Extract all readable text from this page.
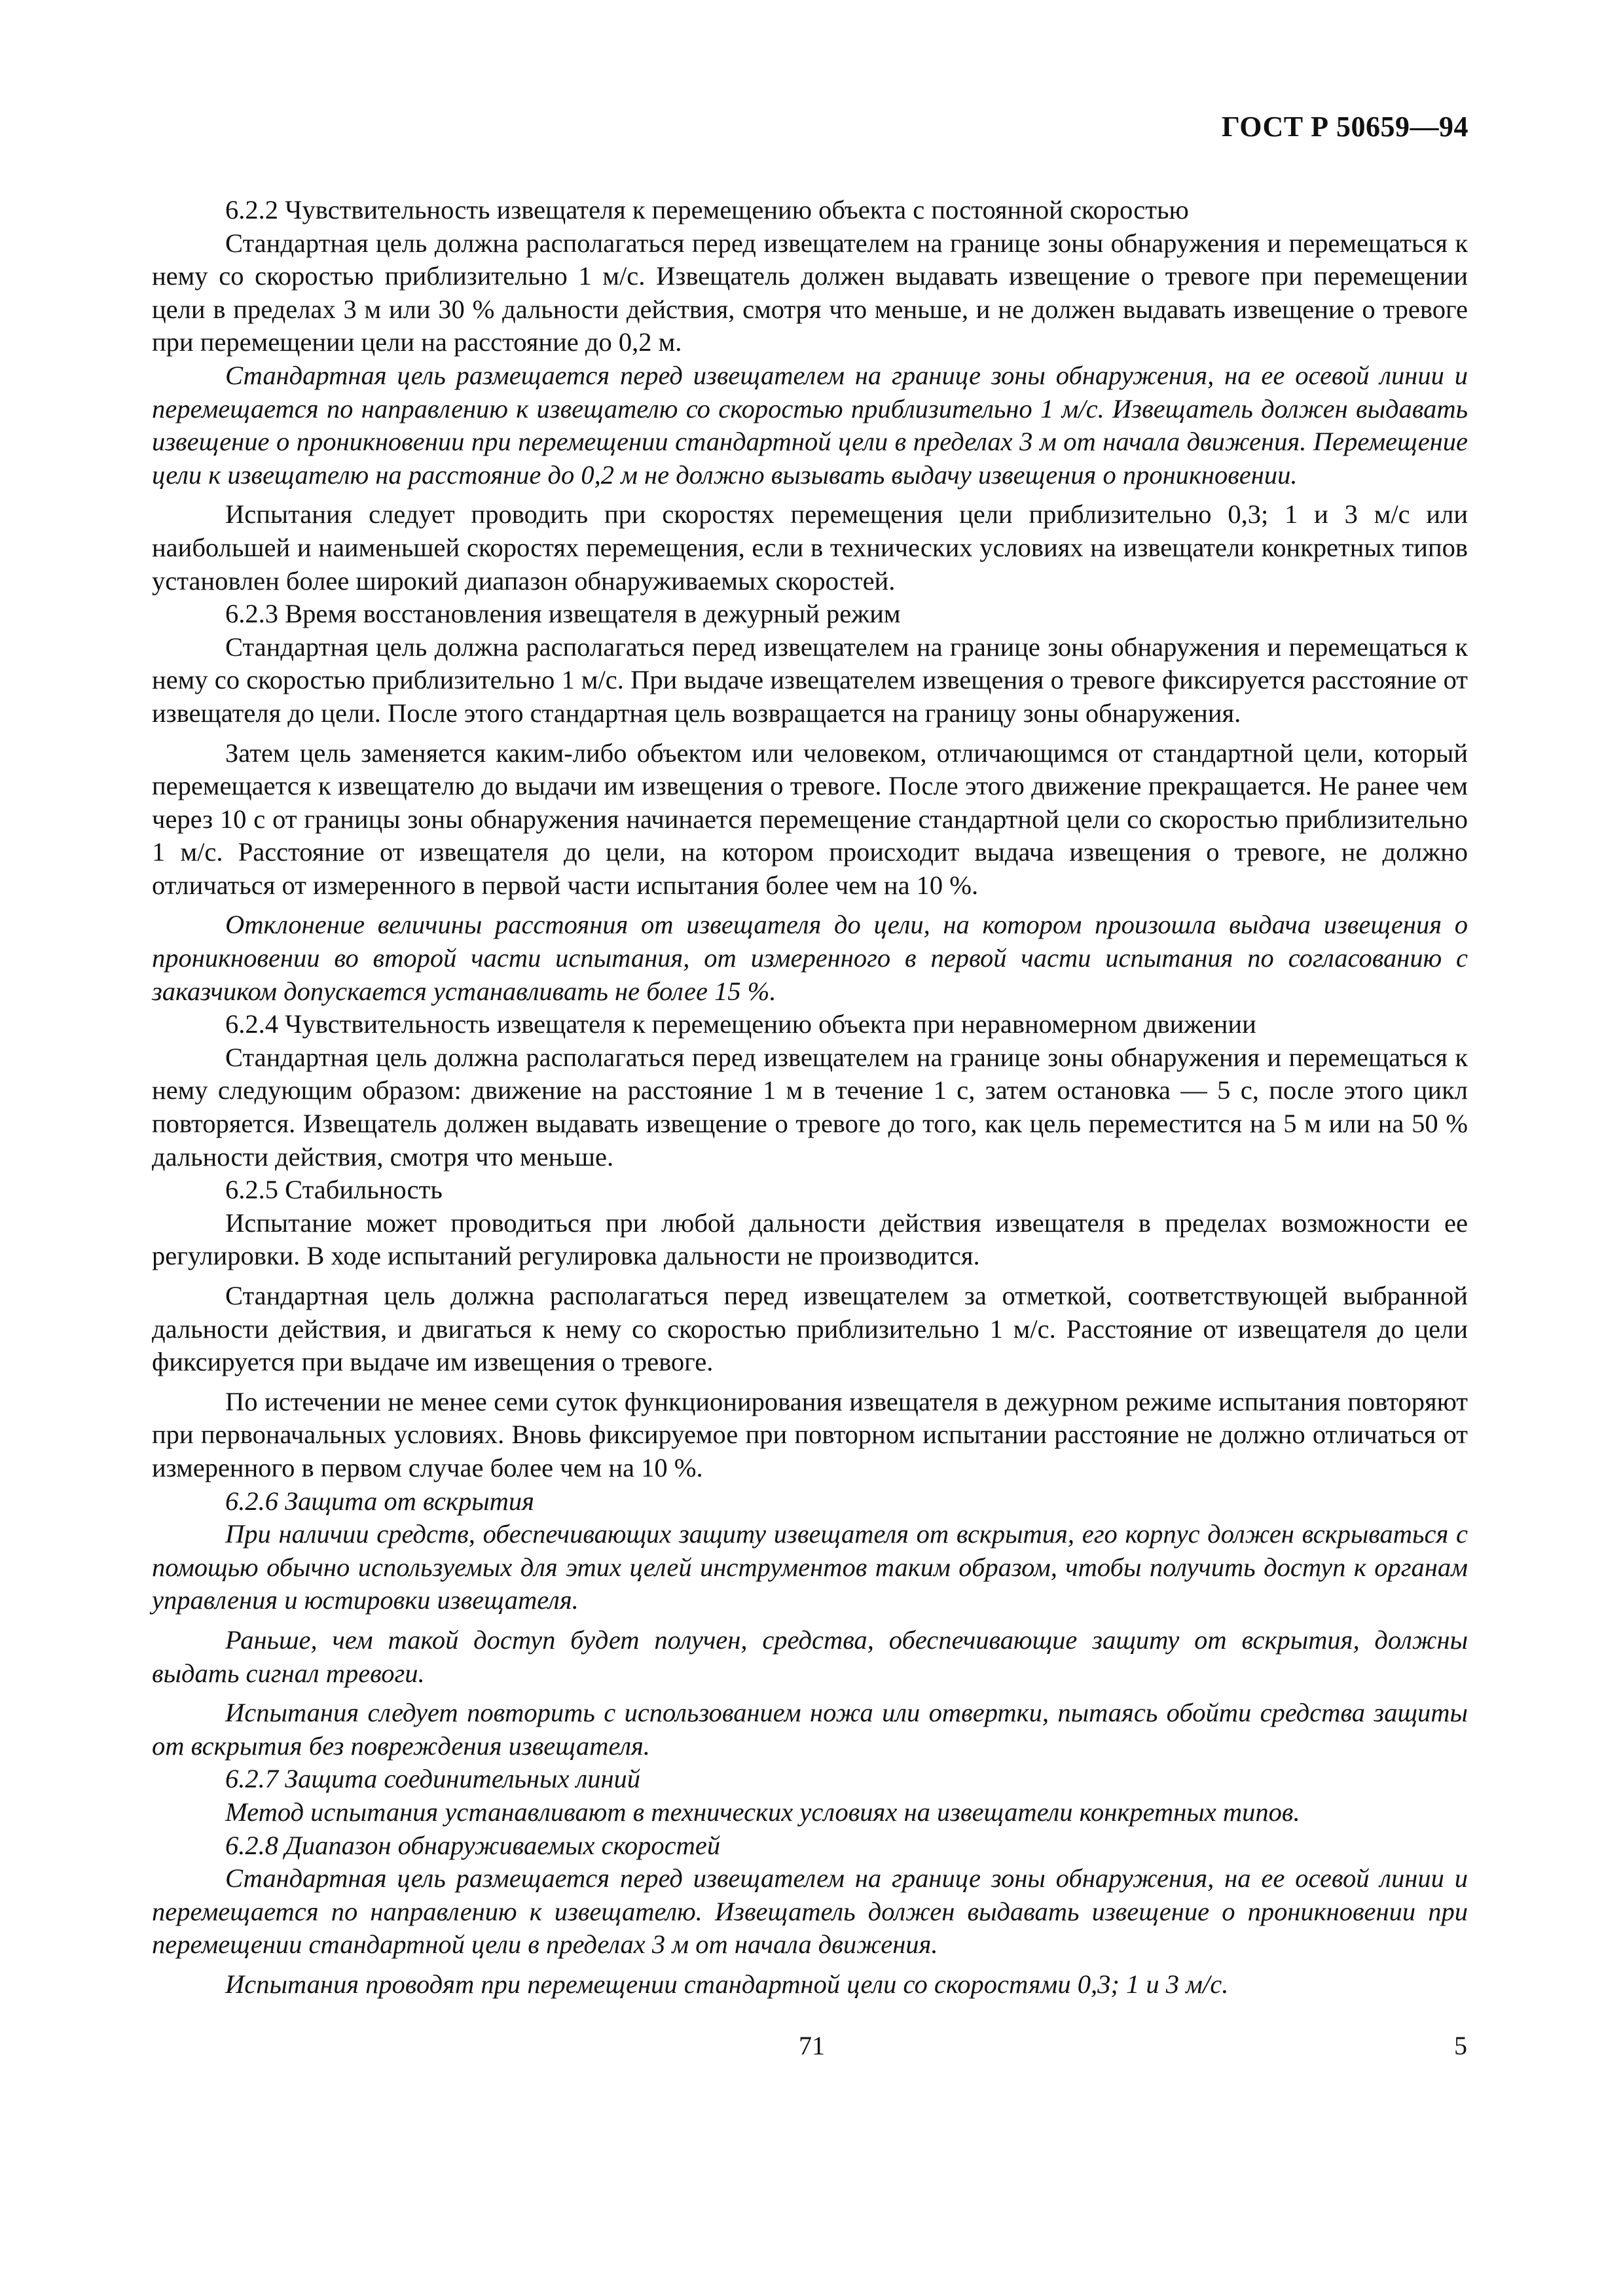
ГОСТ Р 50659—94

6.2.2 Чувствительность извещателя к перемещению объекта с постоянной скоростью

Стандартная цель должна располагаться перед извещателем на границе зоны обнаружения и перемещаться к нему со скоростью приблизительно 1 м/с. Извещатель должен выдавать извещение о тревоге при перемещении цели в пределах 3 м или 30 % дальности действия, смотря что меньше, и не должен выдавать извещение о тревоге при перемещении цели на расстояние до 0,2 м.

Стандартная цель размещается перед извещателем на границе зоны обнаружения, на ее осевой линии и перемещается по направлению к извещателю со скоростью приблизительно 1 м/с. Извещатель должен выдавать извещение о проникновении при перемещении стандартной цели в пределах 3 м от начала движения. Перемещение цели к извещателю на расстояние до 0,2 м не должно вызывать выдачу извещения о проникновении.

Испытания следует проводить при скоростях перемещения цели приблизительно 0,3; 1 и 3 м/с или наибольшей и наименьшей скоростях перемещения, если в технических условиях на извещатели конкретных типов установлен более широкий диапазон обнаруживаемых скоростей.

6.2.3 Время восстановления извещателя в дежурный режим

Стандартная цель должна располагаться перед извещателем на границе зоны обнаружения и перемещаться к нему со скоростью приблизительно 1 м/с. При выдаче извещателем извещения о тревоге фиксируется расстояние от извещателя до цели. После этого стандартная цель возвращается на границу зоны обнаружения.

Затем цель заменяется каким-либо объектом или человеком, отличающимся от стандартной цели, который перемещается к извещателю до выдачи им извещения о тревоге. После этого движение прекращается. Не ранее чем через 10 с от границы зоны обнаружения начинается перемещение стандартной цели со скоростью приблизительно 1 м/с. Расстояние от извещателя до цели, на котором происходит выдача извещения о тревоге, не должно отличаться от измеренного в первой части испытания более чем на 10 %.

Отклонение величины расстояния от извещателя до цели, на котором произошла выдача извещения о проникновении во второй части испытания, от измеренного в первой части испытания по согласованию с заказчиком допускается устанавливать не более 15 %.

6.2.4 Чувствительность извещателя к перемещению объекта при неравномерном движении

Стандартная цель должна располагаться перед извещателем на границе зоны обнаружения и перемещаться к нему следующим образом: движение на расстояние 1 м в течение 1 с, затем остановка — 5 с, после этого цикл повторяется. Извещатель должен выдавать извещение о тревоге до того, как цель переместится на 5 м или на 50 % дальности действия, смотря что меньше.

6.2.5 Стабильность

Испытание может проводиться при любой дальности действия извещателя в пределах возможности ее регулировки. В ходе испытаний регулировка дальности не производится.

Стандартная цель должна располагаться перед извещателем за отметкой, соответствующей выбранной дальности действия, и двигаться к нему со скоростью приблизительно 1 м/с. Расстояние от извещателя до цели фиксируется при выдаче им извещения о тревоге.

По истечении не менее семи суток функционирования извещателя в дежурном режиме испытания повторяют при первоначальных условиях. Вновь фиксируемое при повторном испытании расстояние не должно отличаться от измеренного в первом случае более чем на 10 %.

6.2.6 Защита от вскрытия

При наличии средств, обеспечивающих защиту извещателя от вскрытия, его корпус должен вскрываться с помощью обычно используемых для этих целей инструментов таким образом, чтобы получить доступ к органам управления и юстировки извещателя.

Раньше, чем такой доступ будет получен, средства, обеспечивающие защиту от вскрытия, должны выдать сигнал тревоги.

Испытания следует повторить с использованием ножа или отвертки, пытаясь обойти средства защиты от вскрытия без повреждения извещателя.

6.2.7 Защита соединительных линий

Метод испытания устанавливают в технических условиях на извещатели конкретных типов.

6.2.8 Диапазон обнаруживаемых скоростей

Стандартная цель размещается перед извещателем на границе зоны обнаружения, на ее осевой линии и перемещается по направлению к извещателю. Извещатель должен выдавать извещение о проникновении при перемещении стандартной цели в пределах 3 м от начала движения.

Испытания проводят при перемещении стандартной цели со скоростями 0,3; 1 и 3 м/с.

71	5
